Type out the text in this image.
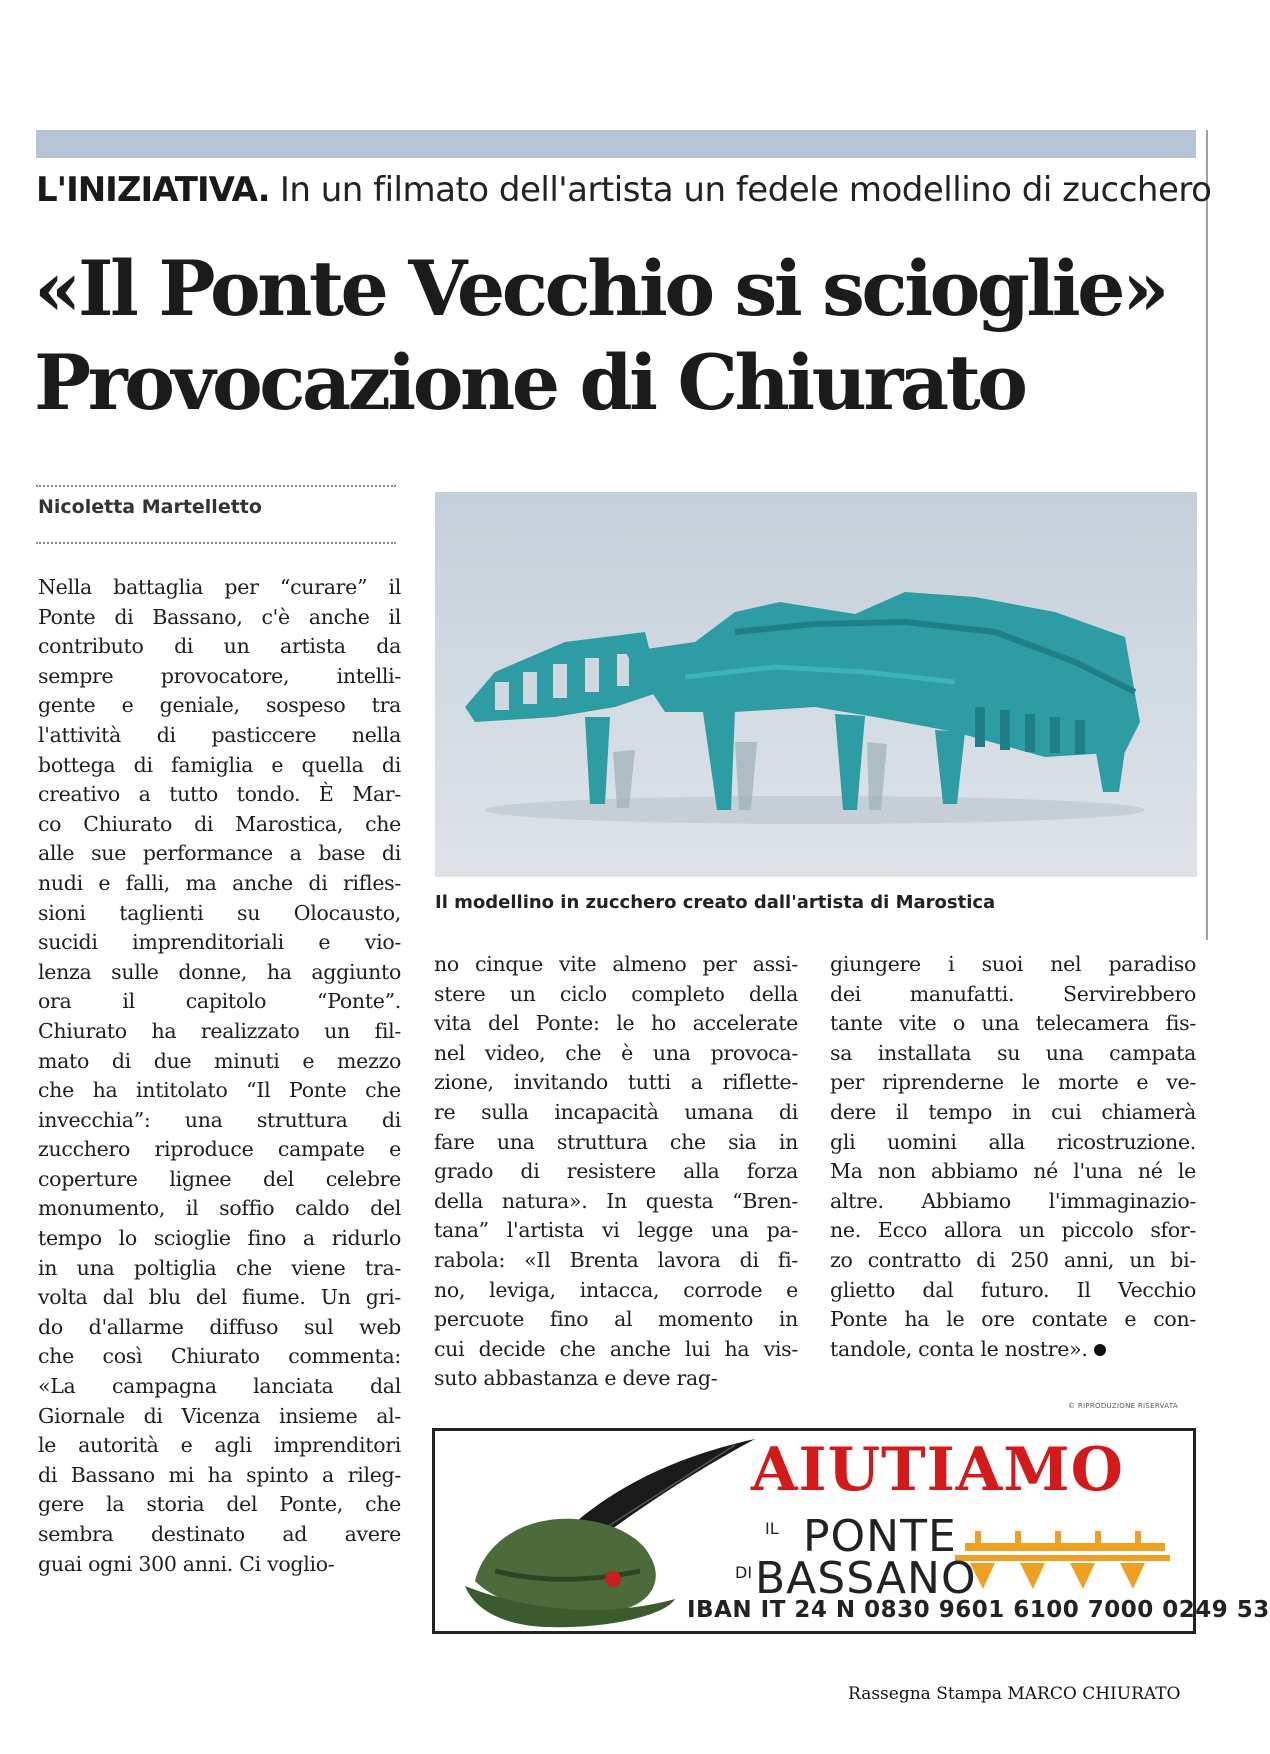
L'INIZIATIVA. In un filmato dell'artista un fedele modellino di zucchero
«Il Ponte Vecchio si scioglie»
Provocazione di Chiurato
Nicoletta Martelletto
Il modellino in zucchero creato dall'artista di Marostica
Nella battaglia per “curare” il
Ponte di Bassano, c'è anche il
contributo di un artista da
sempre provocatore, intelli-
gente e geniale, sospeso tra
l'attività di pasticcere nella
bottega di famiglia e quella di
creativo a tutto tondo. È Mar-
co Chiurato di Marostica, che
alle sue performance a base di
nudi e falli, ma anche di rifles-
sioni taglienti su Olocausto,
sucidi imprenditoriali e vio-
lenza sulle donne, ha aggiunto
ora il capitolo “Ponte”.
Chiurato ha realizzato un fil-
mato di due minuti e mezzo
che ha intitolato “Il Ponte che
invecchia”: una struttura di
zucchero riproduce campate e
coperture lignee del celebre
monumento, il soffio caldo del
tempo lo scioglie fino a ridurlo
in una poltiglia che viene tra-
volta dal blu del fiume. Un gri-
do d'allarme diffuso sul web
che così Chiurato commenta:
«La campagna lanciata dal
Giornale di Vicenza insieme al-
le autorità e agli imprenditori
di Bassano mi ha spinto a rileg-
gere la storia del Ponte, che
sembra destinato ad avere
guai ogni 300 anni. Ci voglio-
no cinque vite almeno per assi-
stere un ciclo completo della
vita del Ponte: le ho accelerate
nel video, che è una provoca-
zione, invitando tutti a riflette-
re sulla incapacità umana di
fare una struttura che sia in
grado di resistere alla forza
della natura». In questa “Bren-
tana” l'artista vi legge una pa-
rabola: «Il Brenta lavora di fi-
no, leviga, intacca, corrode e
percuote fino al momento in
cui decide che anche lui ha vis-
suto abbastanza e deve rag-
giungere i suoi nel paradiso
dei manufatti. Servirebbero
tante vite o una telecamera fis-
sa installata su una campata
per riprenderne le morte e ve-
dere il tempo in cui chiamerà
gli uomini alla ricostruzione.
Ma non abbiamo né l'una né le
altre. Abbiamo l'immaginazio-
ne. Ecco allora un piccolo sfor-
zo contratto di 250 anni, un bi-
glietto dal futuro. Il Vecchio
Ponte ha le ore contate e con-
tandole, conta le nostre».
© RIPRODUZIONE RISERVATA
AIUTIAMO
IL PONTE
DI BASSANO
IBAN IT 24 N 0830 9601 6100 7000 0249 53
Rassegna Stampa MARCO CHIURATO
